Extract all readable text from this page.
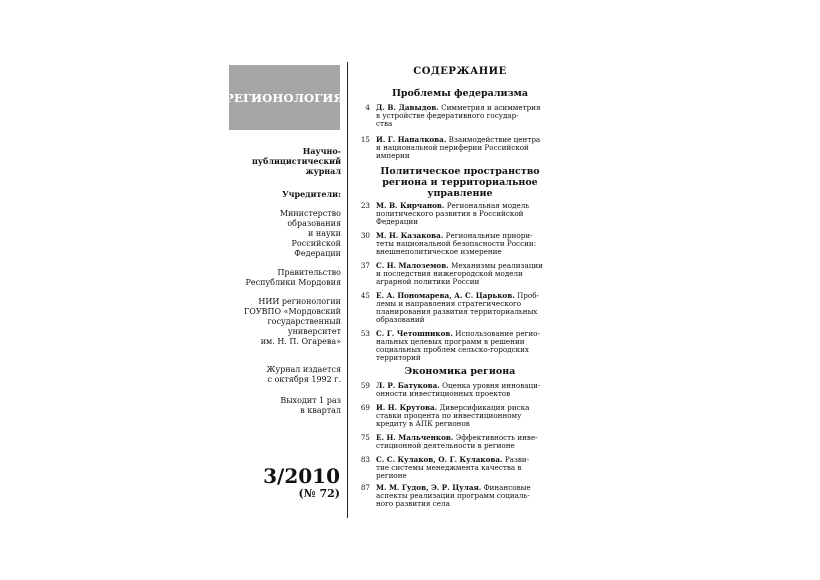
РЕГИОНОЛОГИЯ
Научно-
публицистический
журнал
Учредители:
Министерство
образования
и науки
Российской
Федерации
Правительство
Республики Мордовия
НИИ регионологии
ГОУВПО «Мордовский
государственный
университет
им. Н. П. Огарева»
Журнал издается
с октября 1992 г.
Выходит 1 раз
в квартал
3/2010
(№ 72)
СОДЕРЖАНИЕ
Проблемы федерализма
4 Д. В. Давыдов. Симметрия и асимметрия
в устройстве федеративного государ-
ства
15 И. Г. Напалкова. Взаимодействие центра
и национальной периферии Российской
империи
Политическое пространство
региона и территориальное
управление
23 М. В. Кирчанов. Региональная модель
политического развития в Российской
Федерации
30 М. Н. Казакова. Региональные приори-
теты национальной безопасности России:
внешнеполитическое измерение
37 С. Н. Малоземов. Механизмы реализации
и последствия нижегородской модели
аграрной политики России
45 Е. А. Пономарева, А. С. Царьков. Проб-
лемы и направления стратегического
планирования развития территориальных
образований
53 С. Г. Четошников. Использование регио-
нальных целевых программ в решении
социальных проблем сельско-городских
территорий
Экономика региона
59 Л. Р. Батукова. Оценка уровня инноваци-
онности инвестиционных проектов
69 И. Н. Крутова. Диверсификация риска
ставки процента по инвестиционному
кредиту в АПК регионов
75 Е. Н. Мальченков. Эффективность инве-
стиционной деятельности в регионе
83 С. С. Кулаков, О. Г. Кулакова. Разви-
тие системы менеджмента качества в
регионе
87 М. М. Гудов, Э. Р. Цулая. Финансовые
аспекты реализации программ социаль-
ного развития села
